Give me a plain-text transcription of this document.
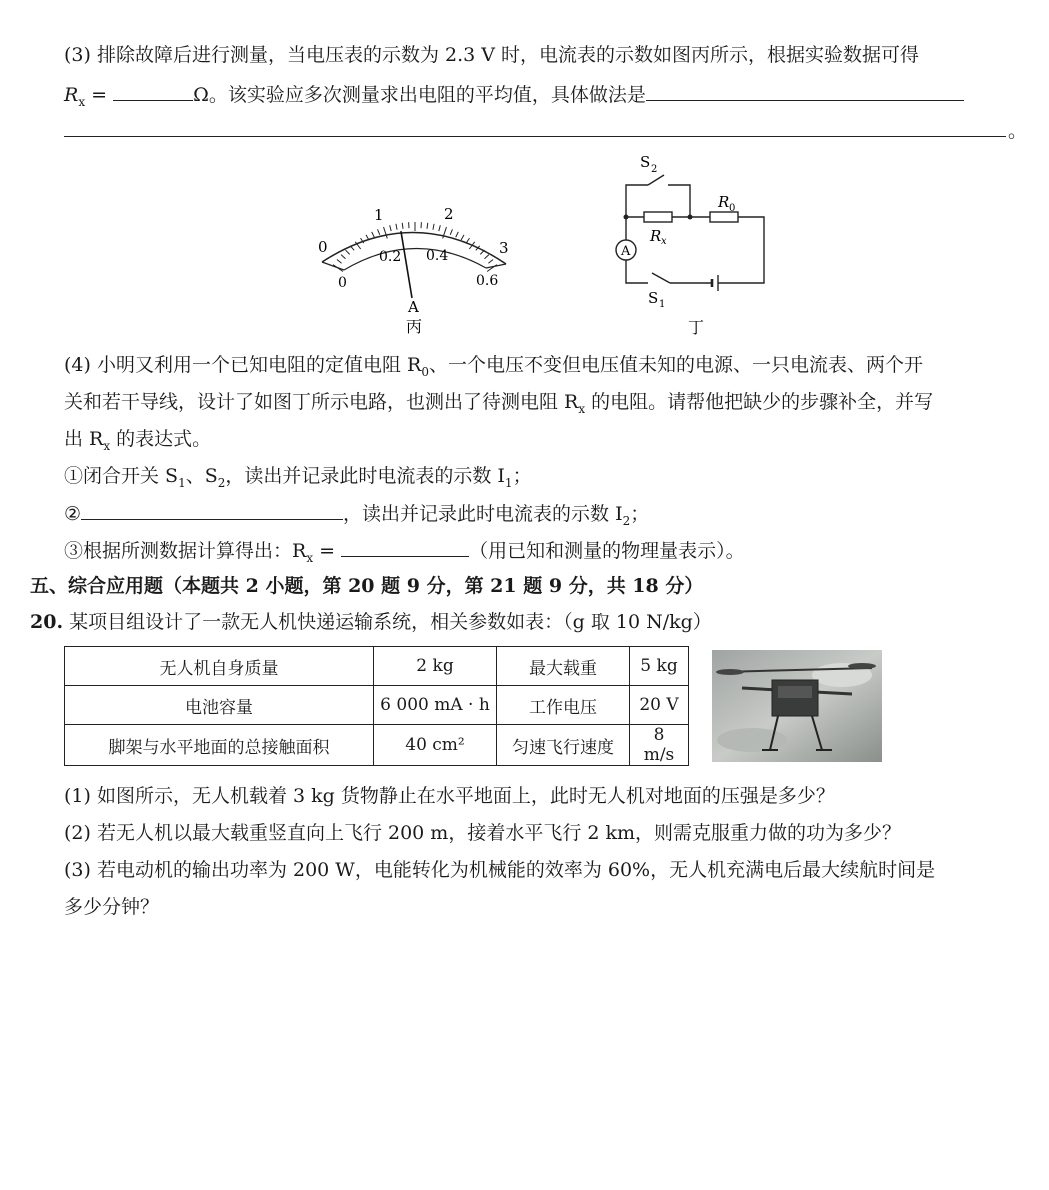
(3) 排除故障后进行测量，当电压表的示数为 2.3 V 时，电流表的示数如图丙所示，根据实验数据可得
$R_x$ =	Ω。该实验应多次测量求出电阻的平均值，具体做法是
。
0
1	2
3
0
0.2 0.4
0.6
A
丙
S 2
R x
R 0
S 1
A
丁
(4) 小明又利用一个已知电阻的定值电阻 $R_0$、一个电压不变但电压值未知的电源、一只电流表、两个开
关和若干导线，设计了如图丁所示电路，也测出了待测电阻 $R_x$ 的电阻。请帮他把缺少的步骤补全，并写
出 $R_x$ 的表达式。
①闭合开关 $S_1$、$S_2$，读出并记录此时电流表的示数 $I_1$；
②	，读出并记录此时电流表的示数 $I_2$；
③根据所测数据计算得出：$R_x$ =	（用已知和测量的物理量表示）。
五、综合应用题（本题共 2 小题，第 20 题 9 分，第 21 题 9 分，共 18 分）
20. 某项目组设计了一款无人机快递运输系统，相关参数如表：（g 取 10 N/kg）
无人机自身质量	2 kg	最大载重	5 kg
电池容量	6 000 mA · h	工作电压	20 V
脚架与水平地面的总接触面积	40 cm²	匀速飞行速度	8 m/s
(1) 如图所示，无人机载着 3 kg 货物静止在水平地面上，此时无人机对地面的压强是多少？
(2) 若无人机以最大载重竖直向上飞行 200 m，接着水平飞行 2 km，则需克服重力做的功为多少？
(3) 若电动机的输出功率为 200 W，电能转化为机械能的效率为 60%，无人机充满电后最大续航时间是
多少分钟？
